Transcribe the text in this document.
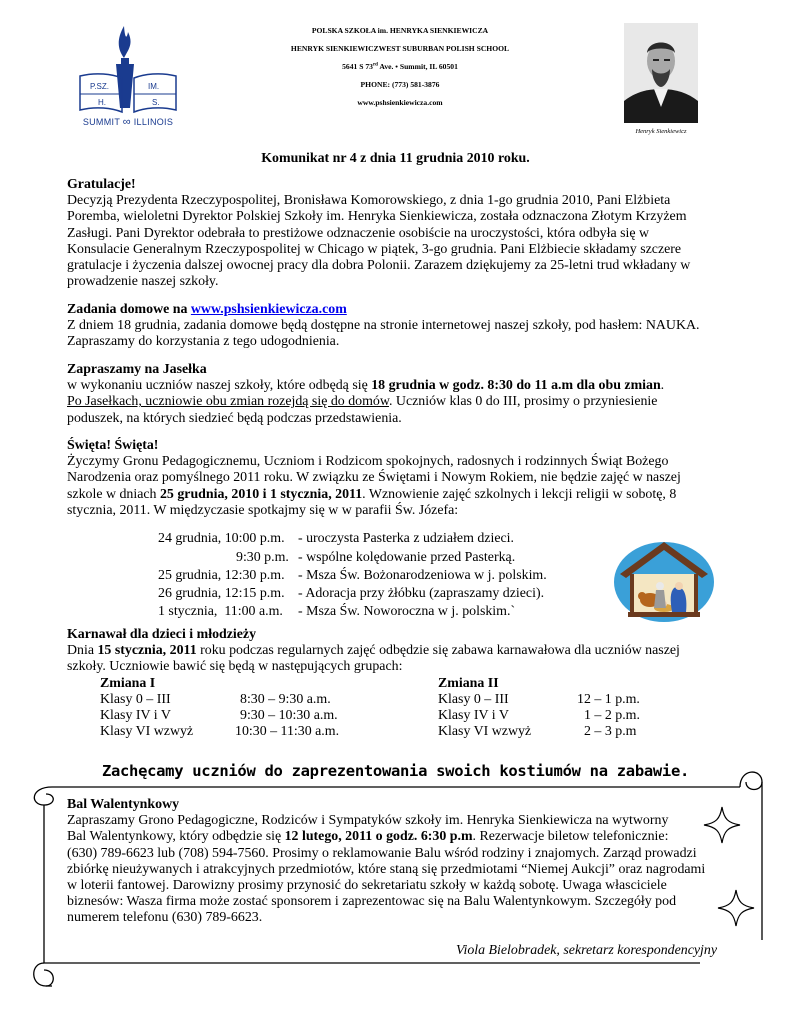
P.SZ.	IM.
H.	S.
SUMMIT ∞ ILLINOIS
POLSKA SZKOŁA im. HENRYKA SIENKIEWICZA
HENRYK SIENKIEWICZWEST SUBURBAN POLISH SCHOOL
5641 S 73rd Ave. • Summit, IL 60501
PHONE: (773) 581-3876
www.pshsienkiewicza.com
Henryk Sienkiewicz
Komunikat nr 4 z dnia 11 grudnia 2010 roku.

Gratulacje!

Decyzją Prezydenta Rzeczypospolitej, Bronisława Komorowskiego, z dnia 1-go grudnia 2010, Pani Elżbieta

Poremba, wieloletni Dyrektor Polskiej Szkoły im. Henryka Sienkiewicza, została odznaczona Złotym Krzyżem

Zasługi. Pani Dyrektor odebrała to prestiżowe odznaczenie osobiście na uroczystości, która odbyła się w

Konsulacie Generalnym Rzeczypospolitej w Chicago w piątek, 3-go grudnia. Pani Elżbiecie składamy szczere

gratulacje i życzenia dalszej owocnej pracy dla dobra Polonii. Zarazem dziękujemy za 25-letni trud wkładany w

prowadzenie naszej szkoły.

Zadania domowe na www.pshsienkiewicza.com

Z dniem 18 grudnia, zadania domowe będą dostępne na stronie internetowej naszej szkoły, pod hasłem: NAUKA.

Zapraszamy do korzystania z tego udogodnienia.

Zapraszamy na Jasełka

w wykonaniu uczniów naszej szkoły, które odbędą się 18 grudnia w godz. 8:30 do 11 a.m dla obu zmian.

Po Jasełkach, uczniowie obu zmian rozejdą się do domów. Uczniów klas 0 do III, prosimy o przyniesienie

poduszek, na których siedzieć będą podczas przedstawienia.

Święta! Święta!

Życzymy Gronu Pedagogicznemu, Uczniom i Rodzicom spokojnych, radosnych i rodzinnych Świąt Bożego

Narodzenia oraz pomyślnego 2011 roku. W związku ze Świętami i Nowym Rokiem, nie będzie zajęć w naszej

szkole w dniach 25 grudnia, 2010 i 1 stycznia, 2011. Wznowienie zajęć szkolnych i lekcji religii w sobotę, 8

stycznia, 2011. W międzyczasie spotkajmy się w w parafii Św. Józefa:

24 grudnia, 10:00 p.m. - uroczysta Pasterka z udziałem dzieci.
9:30 p.m. - wspólne kolędowanie przed Pasterką.
25 grudnia, 12:30 p.m. - Msza Św. Bożonarodzeniowa w j. polskim.
26 grudnia, 12:15 p.m. - Adoracja przy żłóbku (zapraszamy dzieci).
1 stycznia,  11:00 a.m. - Msza Św. Noworoczna w j. polskim.`

Karnawał dla dzieci i młodzieży

Dnia 15 stycznia, 2011 roku podczas regularnych zajęć odbędzie się zabawa karnawałowa dla uczniów naszej

szkoły. Uczniowie bawić się będą w następujących grupach:

Zmiana I	Zmiana II
Klasy 0 – III	8:30 – 9:30 a.m.	Klasy 0 – III	12 – 1 p.m.
Klasy IV i V	9:30 – 10:30 a.m.	Klasy IV i V	1 – 2 p.m.
Klasy VI wzwyż	10:30 – 11:30 a.m.	Klasy VI wzwyż	2 – 3 p.m
Zachęcamy uczniów do zaprezentowania swoich kostiumów na zabawie.

Bal Walentynkowy

Zapraszamy Grono Pedagogiczne, Rodziców i Sympatyków szkoły im. Henryka Sienkiewicza na wytworny

Bal Walentynkowy, który odbędzie się 12 lutego, 2011 o godz. 6:30 p.m. Rezerwacje biletow telefonicznie:

(630) 789-6623 lub (708) 594-7560. Prosimy o reklamowanie Balu wśród rodziny i znajomych. Zarząd prowadzi

zbiórkę nieużywanych i atrakcyjnych przedmiotów, które staną się przedmiotami “Niemej Aukcji” oraz nagrodami

w loterii fantowej. Darowizny prosimy przynosić do sekretariatu szkoły w każdą sobotę. Uwaga własciciele

biznesów: Wasza firma może zostać sponsorem i zaprezentowac się na Balu Walentynkowym. Szczegóły pod

numerem telefonu (630) 789-6623.

Viola Bielobradek, sekretarz korespondencyjny
